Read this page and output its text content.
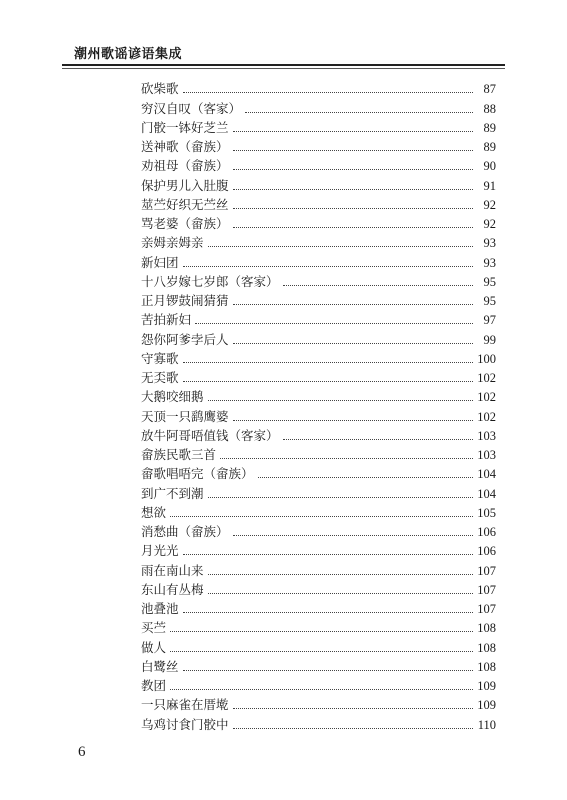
潮州歌谣谚语集成
砍柴歌	87
穷汉自叹（客家）	88
门骹一钵好芝兰	89
送神歌（畲族）	89
劝祖母（畲族）	90
保护男儿入肚腹	91
莁苎好织无苎丝	92
骂老婆（畲族）	92
亲姆亲姆亲	93
新妇团	93
十八岁嫁七岁郎（客家）	95
正月锣鼓闹猜猜	95
苦拍新妇	97
怨你阿爹孛后人	99
守寡歌	100
无奀歌	102
大鹅咬细鹅	102
天顶一只鹞鹰婆	102
放牛阿哥唔值钱（客家）	103
畲族民歌三首	103
畲歌唱唔完（畲族）	104
到广不到潮	104
想欲	105
消愁曲（畲族）	106
月光光	106
雨在南山来	107
东山有丛梅	107
池叠池	107
买苎	108
做人	108
白鹭丝	108
教团	109
一只麻雀在厝墘	109
乌鸡讨食门骹中	110
6
